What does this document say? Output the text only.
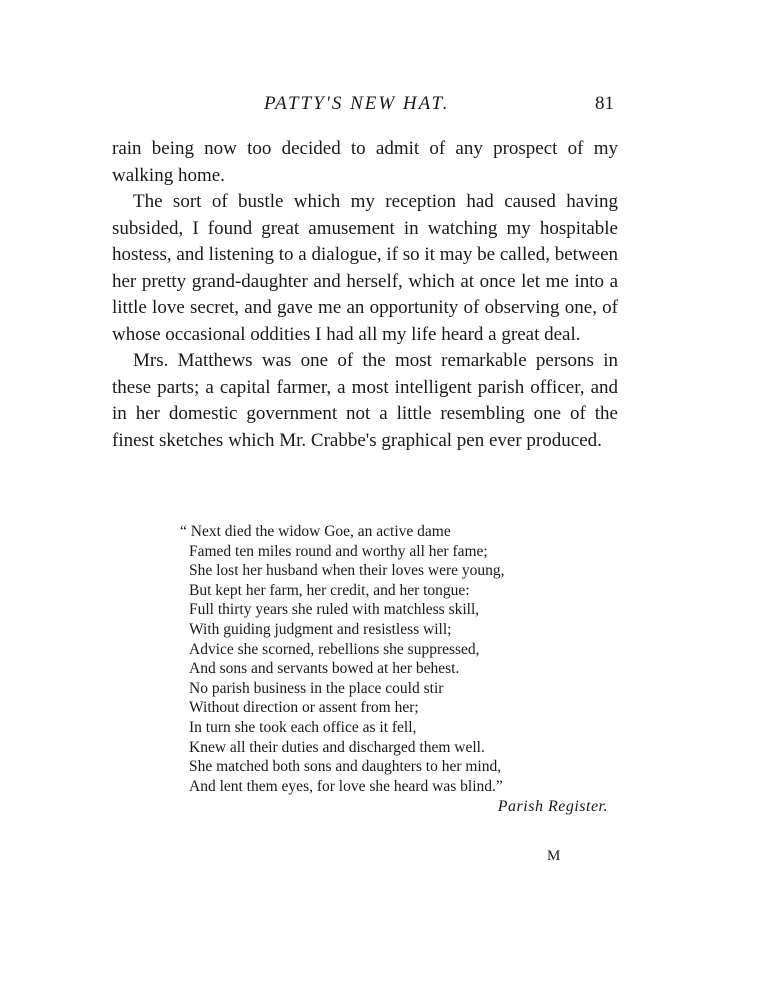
PATTY'S NEW HAT.	81

rain being now too decided to admit of any prospect of my walking home.

The sort of bustle which my reception had caused having subsided, I found great amusement in watching my hospitable hostess, and listening to a dialogue, if so it may be called, between her pretty grand-daughter and herself, which at once let me into a little love secret, and gave me an opportunity of observing one, of whose occasional oddities I had all my life heard a great deal.

Mrs. Matthews was one of the most remarkable persons in these parts; a capital farmer, a most intelligent parish officer, and in her domestic government not a little resembling one of the finest sketches which Mr. Crabbe's graphical pen ever produced.

“ Next died the widow Goe, an active dame
Famed ten miles round and worthy all her fame;
She lost her husband when their loves were young,
But kept her farm, her credit, and her tongue:
Full thirty years she ruled with matchless skill,
With guiding judgment and resistless will;
Advice she scorned, rebellions she suppressed,
And sons and servants bowed at her behest.
No parish business in the place could stir
Without direction or assent from her;
In turn she took each office as it fell,
Knew all their duties and discharged them well.
She matched both sons and daughters to her mind,
And lent them eyes, for love she heard was blind.”
Parish Register.
M
